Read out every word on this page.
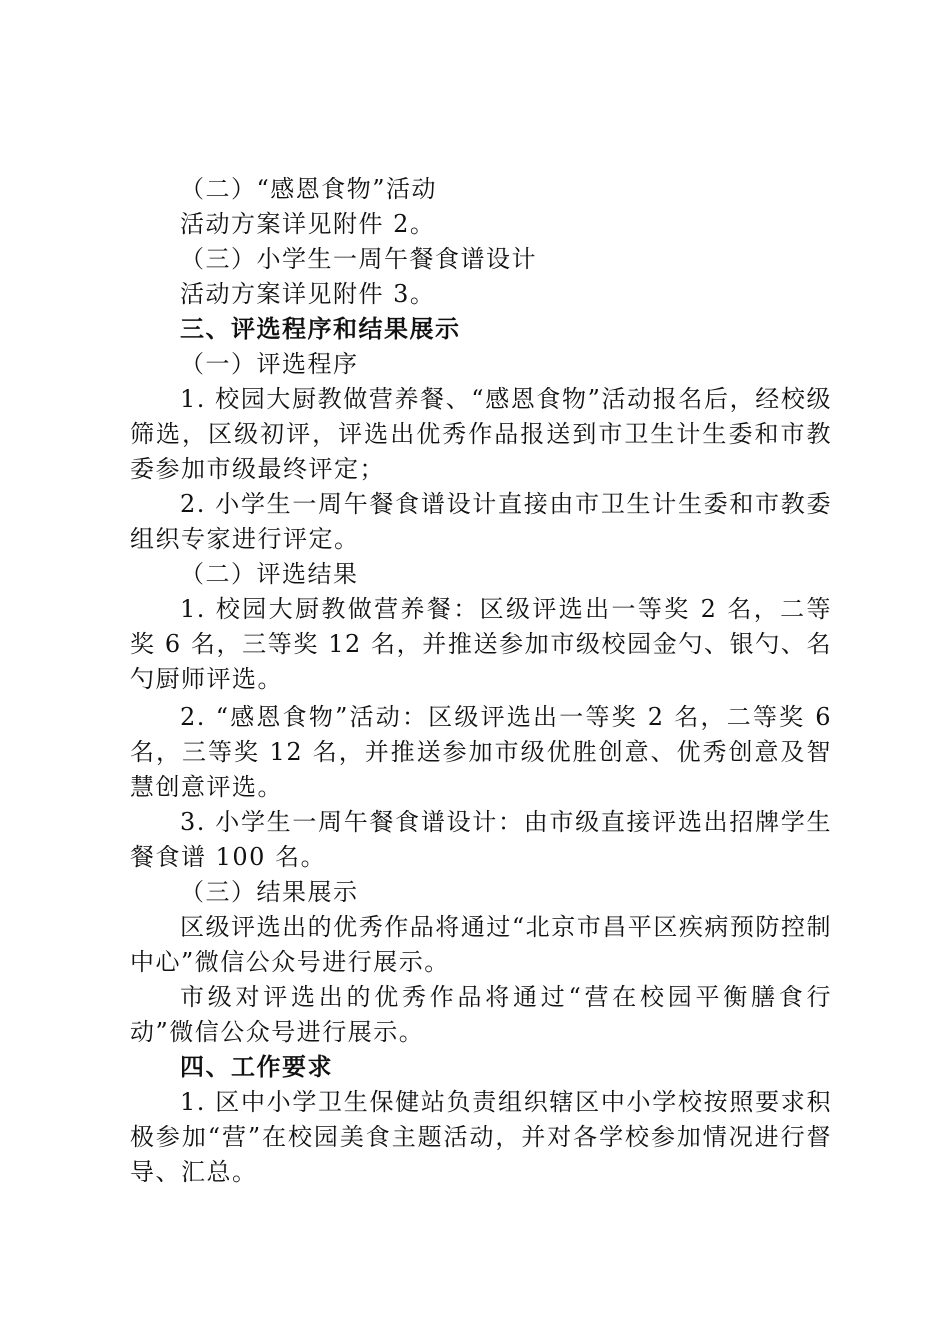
（二）“感恩食物”活动

活动方案详见附件 2。

（三）小学生一周午餐食谱设计

活动方案详见附件 3。

三、评选程序和结果展示

（一）评选程序

1. 校园大厨教做营养餐、“感恩食物”活动报名后，经校级筛选，区级初评，评选出优秀作品报送到市卫生计生委和市教委参加市级最终评定；

2. 小学生一周午餐食谱设计直接由市卫生计生委和市教委组织专家进行评定。

（二）评选结果

1. 校园大厨教做营养餐：区级评选出一等奖 2 名，二等奖 6 名，三等奖 12 名，并推送参加市级校园金勺、银勺、名勺厨师评选。

2. “感恩食物”活动：区级评选出一等奖 2 名，二等奖 6 名，三等奖 12 名，并推送参加市级优胜创意、优秀创意及智慧创意评选。

3. 小学生一周午餐食谱设计：由市级直接评选出招牌学生餐食谱 100 名。

（三）结果展示

区级评选出的优秀作品将通过“北京市昌平区疾病预防控制中心”微信公众号进行展示。

市级对评选出的优秀作品将通过“营在校园平衡膳食行动”微信公众号进行展示。

四、工作要求

1. 区中小学卫生保健站负责组织辖区中小学校按照要求积极参加“营”在校园美食主题活动，并对各学校参加情况进行督导、汇总。
